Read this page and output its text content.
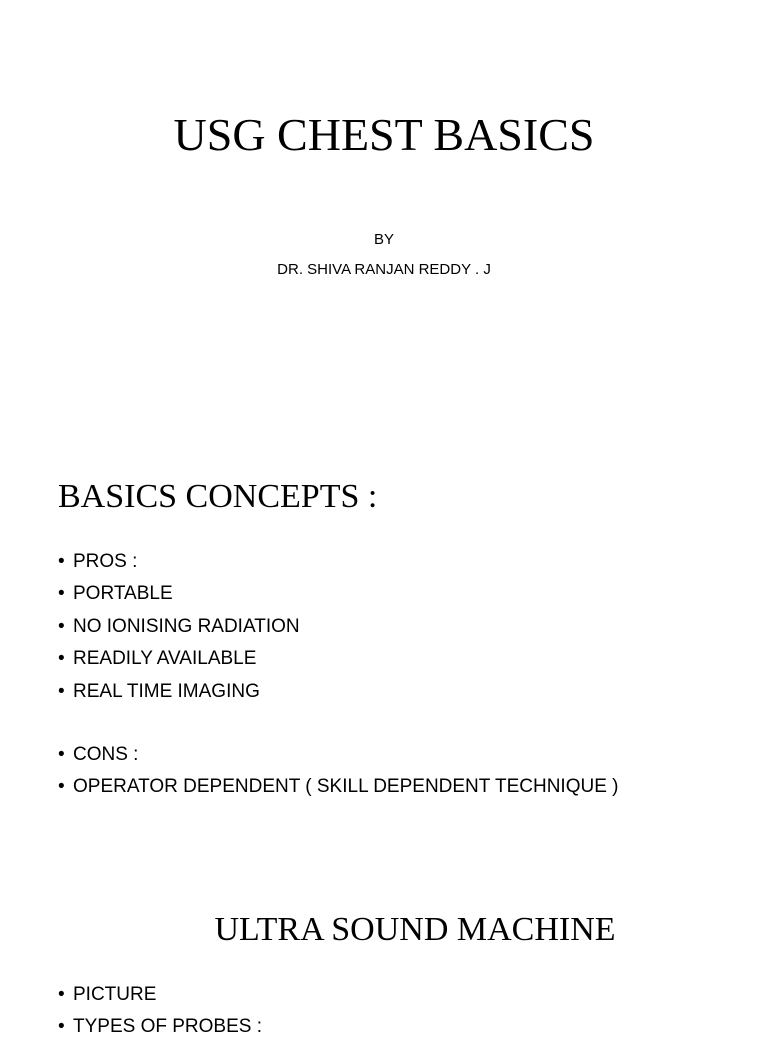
USG CHEST BASICS
BY
DR. SHIVA RANJAN REDDY . J
BASICS CONCEPTS :
• PROS :
• PORTABLE
• NO IONISING RADIATION
• READILY AVAILABLE
• REAL TIME IMAGING
• CONS :
• OPERATOR DEPENDENT ( SKILL DEPENDENT TECHNIQUE )
ULTRA SOUND MACHINE
• PICTURE
• TYPES OF PROBES :
